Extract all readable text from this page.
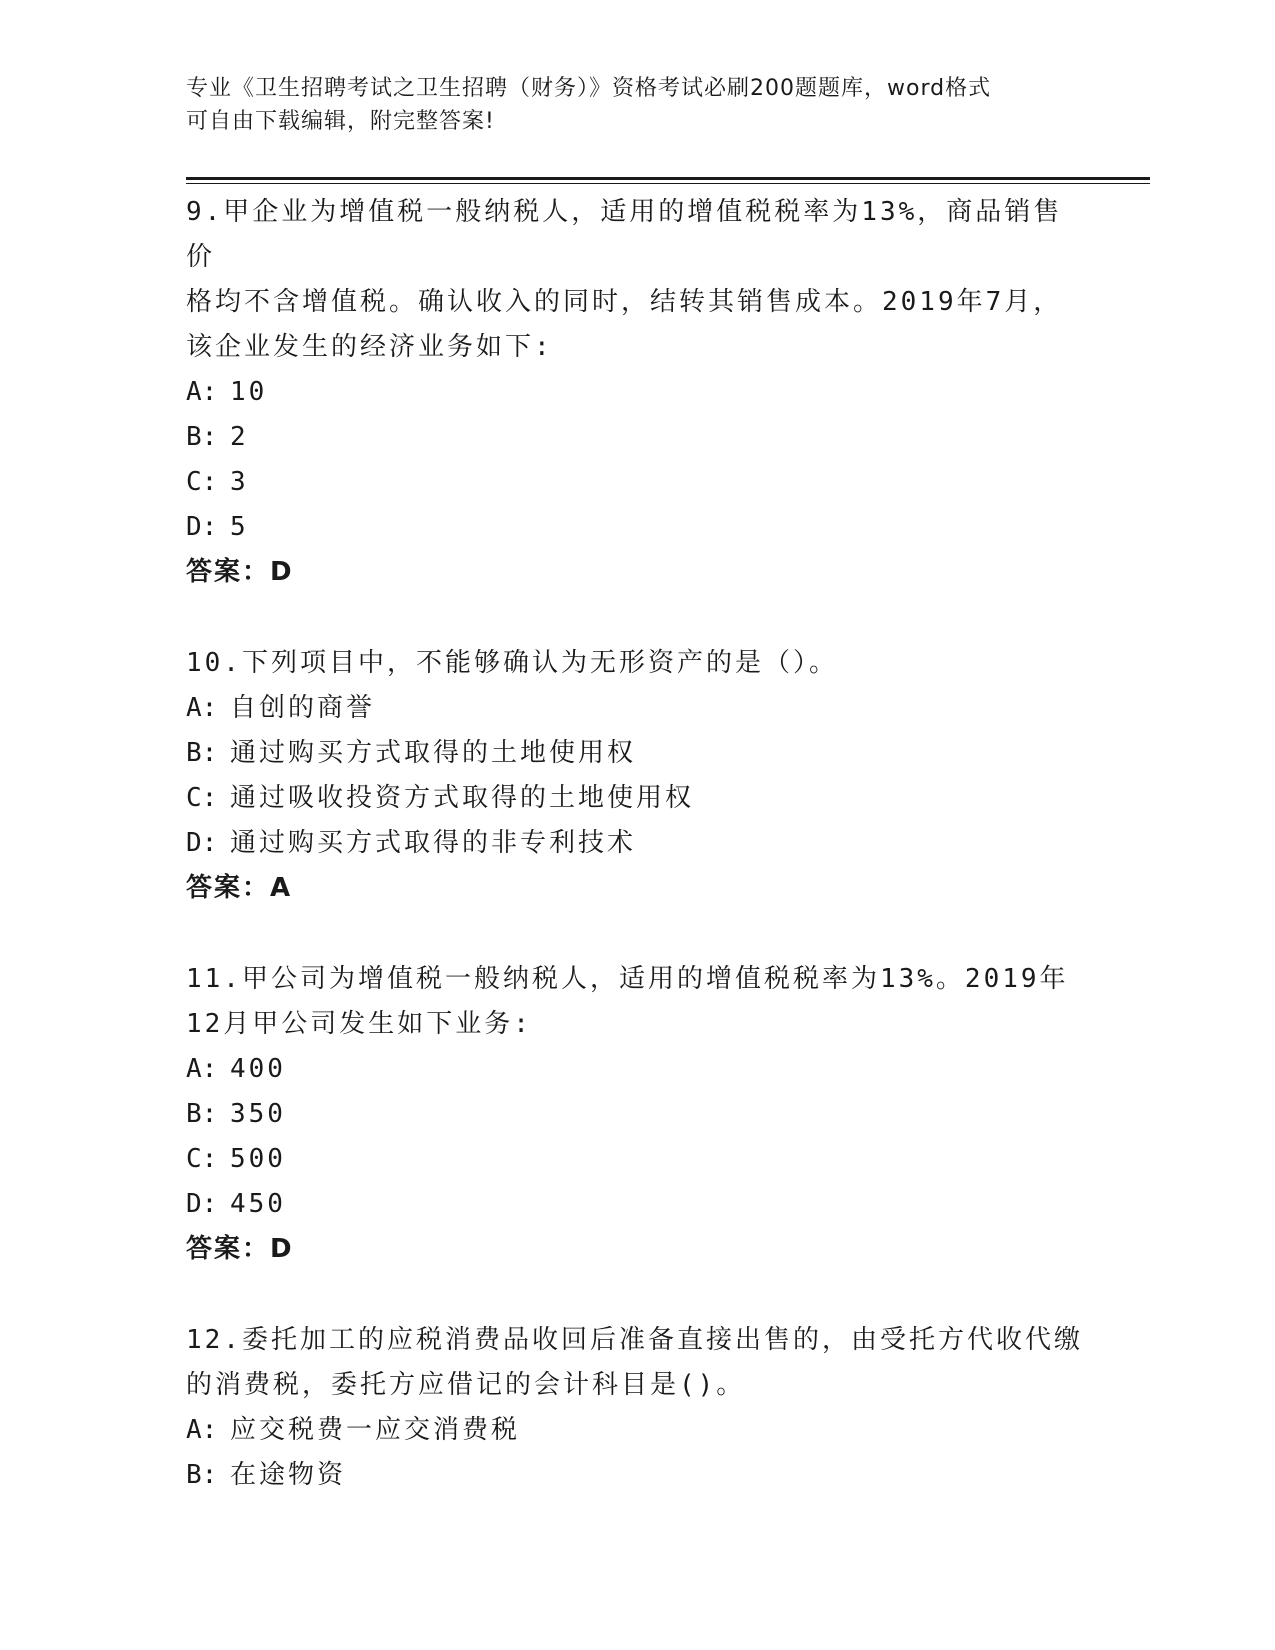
专业《卫生招聘考试之卫生招聘（财务）》资格考试必刷200题题库，word格式
可自由下载编辑，附完整答案!
9.甲企业为增值税一般纳税人，适用的增值税税率为13%，商品销售价
格均不含增值税。确认收入的同时，结转其销售成本。2019年7月，
该企业发生的经济业务如下:
A: 10
B: 2
C: 3
D: 5
答案：D
10.下列项目中，不能够确认为无形资产的是（）。
A: 自创的商誉
B: 通过购买方式取得的土地使用权
C: 通过吸收投资方式取得的土地使用权
D: 通过购买方式取得的非专利技术
答案：A
11.甲公司为增值税一般纳税人，适用的增值税税率为13%。2019年
12月甲公司发生如下业务:
A: 400
B: 350
C: 500
D: 450
答案：D
12.委托加工的应税消费品收回后准备直接出售的，由受托方代收代缴
的消费税，委托方应借记的会计科目是()。
A: 应交税费一应交消费税
B: 在途物资
